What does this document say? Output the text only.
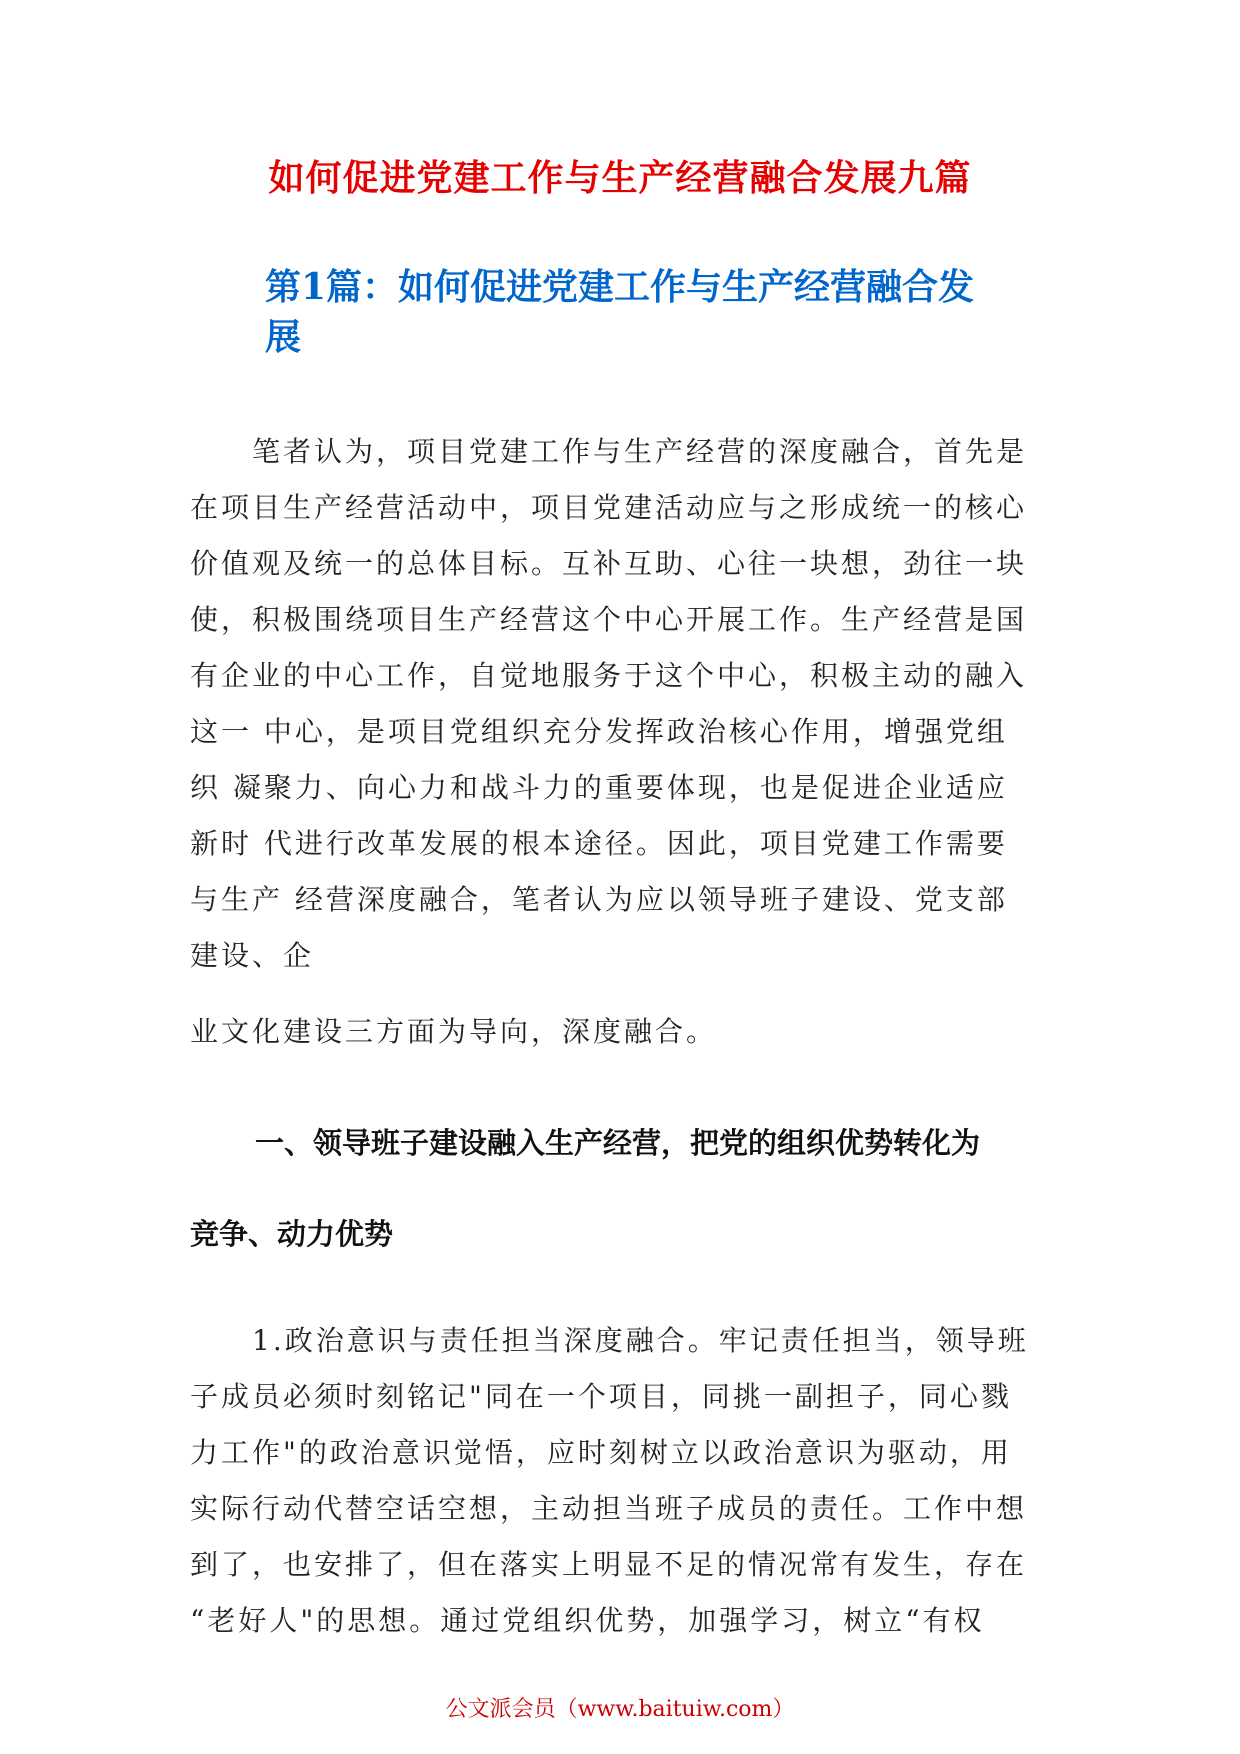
如何促进党建工作与生产经营融合发展九篇
第1篇：如何促进党建工作与生产经营融合发
展
　　笔者认为，项目党建工作与生产经营的深度融合，首先是
在项目生产经营活动中，项目党建活动应与之形成统一的核心
价值观及统一的总体目标。互补互助、心往一块想，劲往一块
使，积极围绕项目生产经营这个中心开展工作。生产经营是国
有企业的中心工作，自觉地服务于这个中心，积极主动的融入
这一 中心，是项目党组织充分发挥政治核心作用，增强党组
织 凝聚力、向心力和战斗力的重要体现，也是促进企业适应
新时 代进行改革发展的根本途径。因此，项目党建工作需要
与生产 经营深度融合，笔者认为应以领导班子建设、党支部
建设、企
业文化建设三方面为导向，深度融合。
一、领导班子建设融入生产经营，把党的组织优势转化为
竞争、动力优势
　　1.政治意识与责任担当深度融合。牢记责任担当，领导班
子成员必须时刻铭记"同在一个项目，同挑一副担子，同心戮
力工作"的政治意识觉悟，应时刻树立以政治意识为驱动，用
实际行动代替空话空想，主动担当班子成员的责任。工作中想
到了，也安排了，但在落实上明显不足的情况常有发生，存在
“老好人"的思想。通过党组织优势，加强学习，树立“有权

公文派会员（www.baituiw.com）
